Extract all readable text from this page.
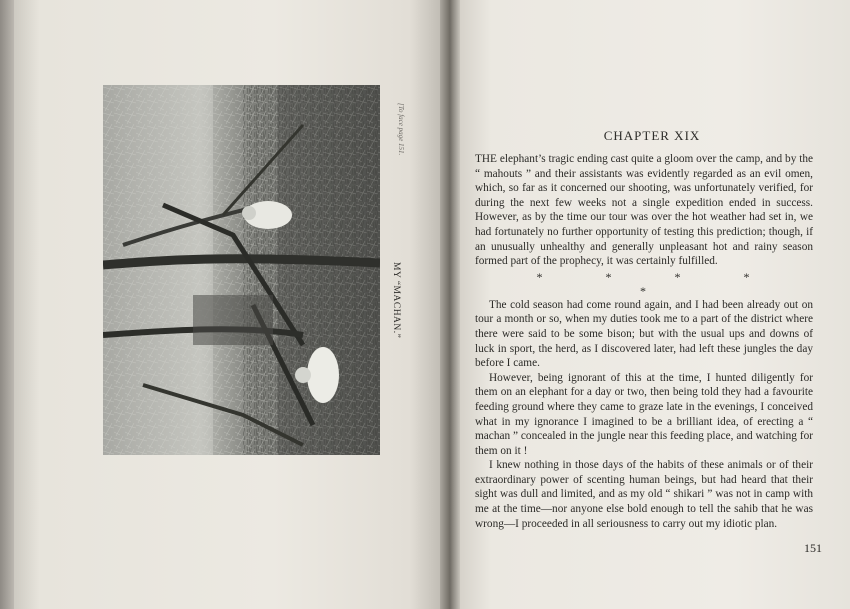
MY “MACHAN.”
[To face page 151.	CHAPTER XIX

THE elephant’s tragic ending cast quite a gloom over the camp, and by the “ mahouts ” and their assistants was evidently regarded as an evil omen, which, so far as it concerned our shooting, was unfortunately verified, for during the next few weeks not a single expedition ended in success. However, as by the time our tour was over the hot weather had set in, we had fortunately no further opportunity of testing this prediction; though, if an unusually unhealthy and generally unpleasant hot and rainy season formed part of the prophecy, it was certainly fulfilled.

* * * * *

The cold season had come round again, and I had been already out on tour a month or so, when my duties took me to a part of the district where there were said to be some bison; but with the usual ups and downs of luck in sport, the herd, as I discovered later, had left these jungles the day before I came.

However, being ignorant of this at the time, I hunted diligently for them on an elephant for a day or two, then being told they had a favourite feeding ground where they came to graze late in the evenings, I conceived what in my ignorance I imagined to be a brilliant idea, of erecting a “ machan ” concealed in the jungle near this feeding place, and watching for them on it !

I knew nothing in those days of the habits of these animals or of their extraordinary power of scenting human beings, but had heard that their sight was dull and limited, and as my old “ shikari ” was not in camp with me at the time—nor anyone else bold enough to tell the sahib that he was wrong—I proceeded in all seriousness to carry out my idiotic plan.

151
